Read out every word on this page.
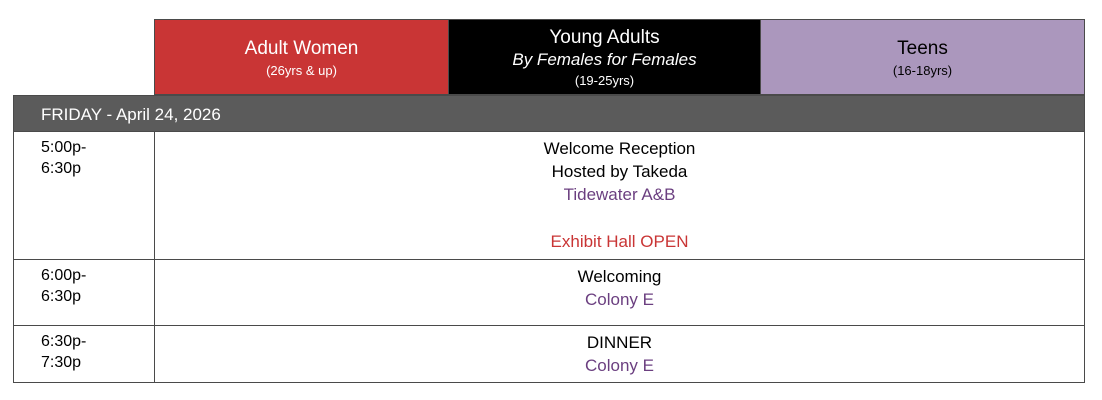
Adult Women
(26yrs & up)
Young Adults
By Females for Females
(19-25yrs)
Teens
(16-18yrs)
FRIDAY - April 24, 2026
5:00p-
6:30p
Welcome Reception
Hosted by Takeda
Tidewater A&B
Exhibit Hall OPEN
6:00p-
6:30p
Welcoming
Colony E
6:30p-
7:30p
DINNER
Colony E
